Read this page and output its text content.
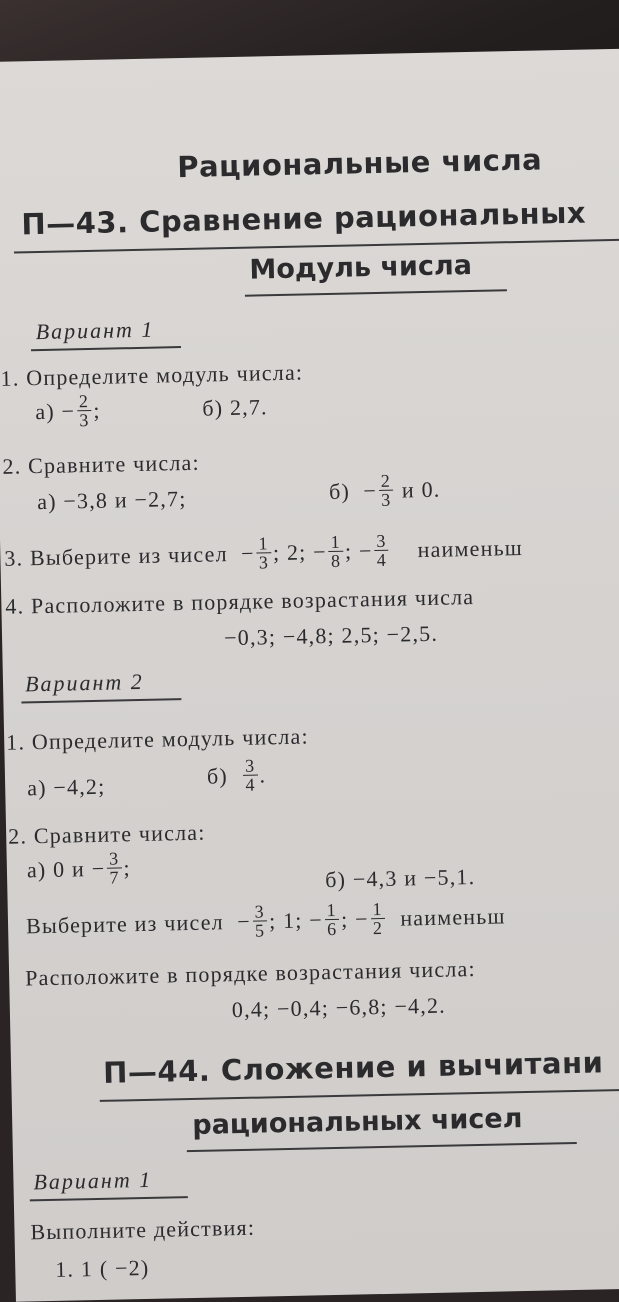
Рациональные числа
П—43. Сравнение рациональных
Модуль числа
Вариант 1
1. Определите модуль числа:
а)
− $\frac{2}{3}$ ;	б) 2,7.
2. Сравните числа:
а) −3,8 и −2,7;	б)
− $\frac{2}{3}$
и 0.
3.
Выберите из чисел
− $\frac{1}{3}$ ; 2; − $\frac{1}{8}$ ; − $\frac{3}{4}$
наименьш
4. Расположите в порядке возрастания числа
−0,3; −4,8; 2,5; −2,5.
Вариант 2
1. Определите модуль числа:
а) −4,2;	б)
$\frac{3}{4}$ .
2. Сравните числа:
а) 0 $и - \frac{3}{7}$ ;	б) −4,3 и −5,1.
Выберите из чисел
− $\frac{3}{5}$ ; 1; − $\frac{1}{6}$ ; − $\frac{1}{2}$
наименьш
Расположите в порядке возрастания числа:
0,4; −0,4; −6,8; −4,2.
П—44. Сложение и вычитани
рациональных чисел
Вариант 1
Выполните действия:
1. 1 ( −2)
